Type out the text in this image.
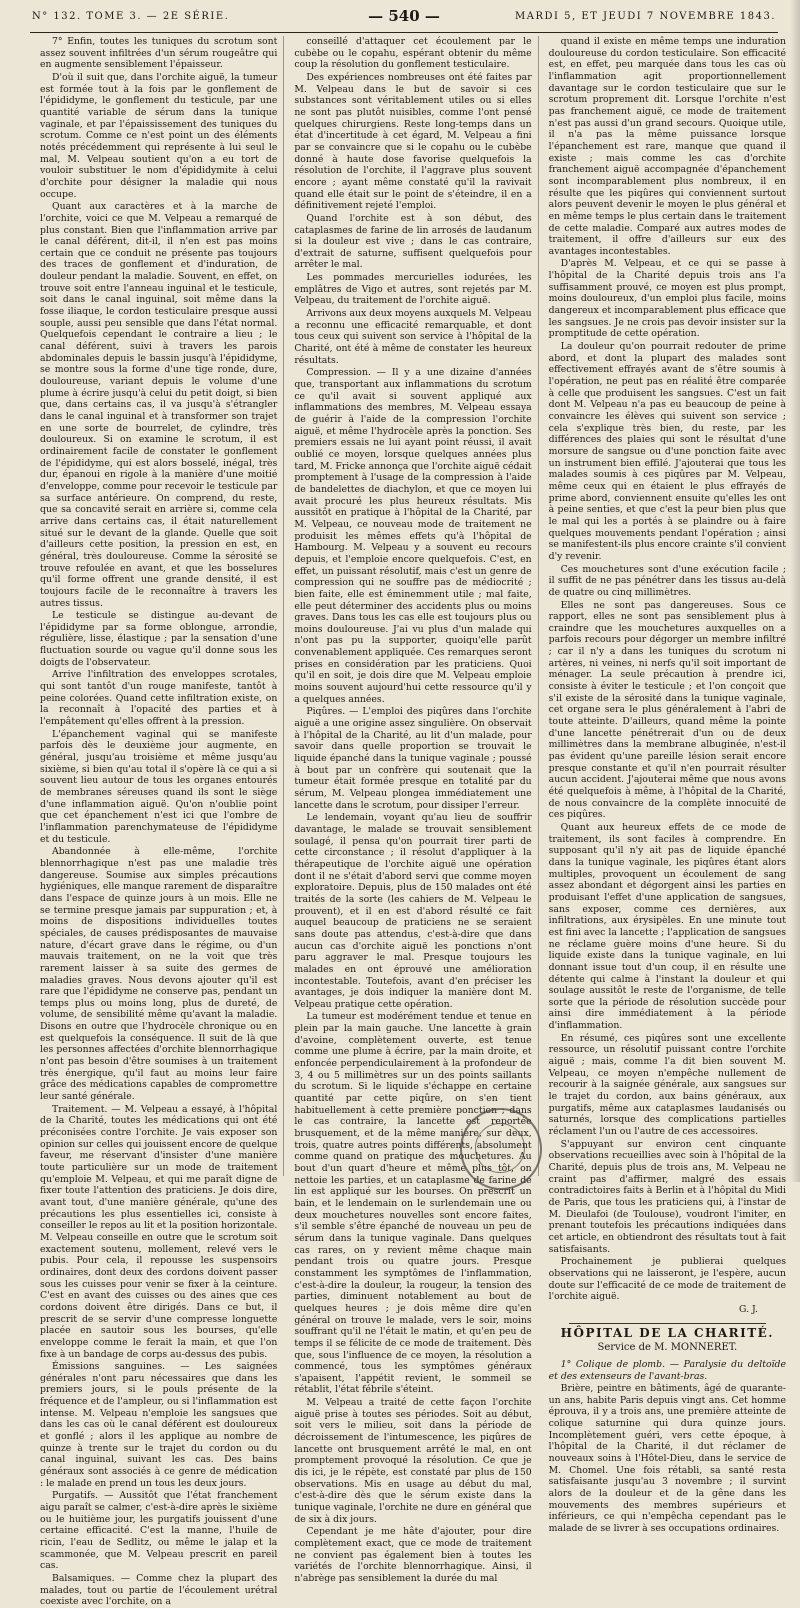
N° 132. TOME 3. — 2E SÉRIE.	— 540 —	MARDI 5, ET JEUDI 7 NOVEMBRE 1843.

7° Enfin, toutes les tuniques du scrotum sont assez souvent infiltrées d'un sérum rougeâtre qui en augmente sensiblement l'épaisseur.

D'où il suit que, dans l'orchite aiguë, la tumeur est formée tout à la fois par le gonflement de l'épididyme, le gonflement du testicule, par une quantité variable de sérum dans la tunique vaginale, et par l'épaississement des tuniques du scrotum. Comme ce n'est point un des éléments notés précédemment qui représente à lui seul le mal, M. Velpeau soutient qu'on a eu tort de vouloir substituer le nom d'épididymite à celui d'orchite pour désigner la maladie qui nous occupe.

Quant aux caractères et à la marche de l'orchite, voici ce que M. Velpeau a remarqué de plus constant. Bien que l'inflammation arrive par le canal déférent, dit-il, il n'en est pas moins certain que ce conduit ne présente pas toujours des traces de gonflement et d'induration, de douleur pendant la maladie. Souvent, en effet, on trouve soit entre l'anneau inguinal et le testicule, soit dans le canal inguinal, soit même dans la fosse iliaque, le cordon testiculaire presque aussi souple, aussi peu sensible que dans l'état normal. Quelquefois cependant le contraire a lieu ; le canal déférent, suivi à travers les parois abdominales depuis le bassin jusqu'à l'épididyme, se montre sous la forme d'une tige ronde, dure, douloureuse, variant depuis le volume d'une plume à écrire jusqu'à celui du petit doigt, si bien que, dans certains cas, il va jusqu'à s'étrangler dans le canal inguinal et à transformer son trajet en une sorte de bourrelet, de cylindre, très douloureux. Si on examine le scrotum, il est ordinairement facile de constater le gonflement de l'épididyme, qui est alors bosselé, inégal, très dur, épanoui en rigole à la manière d'une moitié d'enveloppe, comme pour recevoir le testicule par sa surface antérieure. On comprend, du reste, que sa concavité serait en arrière si, comme cela arrive dans certains cas, il était naturellement situé sur le devant de la glande. Quelle que soit d'ailleurs cette position, la pression en est, en général, très douloureuse. Comme la sérosité se trouve refoulée en avant, et que les bosselures qu'il forme offrent une grande densité, il est toujours facile de le reconnaître à travers les autres tissus.

Le testicule se distingue au-devant de l'épididyme par sa forme oblongue, arrondie, régulière, lisse, élastique ; par la sensation d'une fluctuation sourde ou vague qu'il donne sous les doigts de l'observateur.

Arrive l'infiltration des enveloppes scrotales, qui sont tantôt d'un rouge manifeste, tantôt à peine colorées. Quand cette infiltration existe, on la reconnaît à l'opacité des parties et à l'empâtement qu'elles offrent à la pression.

L'épanchement vaginal qui se manifeste parfois dès le deuxième jour augmente, en général, jusqu'au troisième et même jusqu'au sixième, si bien qu'au total il s'opère là ce qui a si souvent lieu autour de tous les organes entourés de membranes séreuses quand ils sont le siège d'une inflammation aiguë. Qu'on n'oublie point que cet épanchement n'est ici que l'ombre de l'inflammation parenchymateuse de l'épididyme et du testicule.

Abandonnée à elle-même, l'orchite blennorrhagique n'est pas une maladie très dangereuse. Soumise aux simples précautions hygiéniques, elle manque rarement de disparaître dans l'espace de quinze jours à un mois. Elle ne se termine presque jamais par suppuration ; et, à moins de dispositions individuelles toutes spéciales, de causes prédisposantes de mauvaise nature, d'écart grave dans le régime, ou d'un mauvais traitement, on ne la voit que très rarement laisser à sa suite des germes de maladies graves. Nous devons ajouter qu'il est rare que l'épididyme ne conserve pas, pendant un temps plus ou moins long, plus de dureté, de volume, de sensibilité même qu'avant la maladie. Disons en outre que l'hydrocèle chronique ou en est quelquefois la conséquence. Il suit de là que les personnes affectées d'orchite blennorrhagique n'ont pas besoin d'être soumises à un traitement très énergique, qu'il faut au moins leur faire grâce des médications capables de compromettre leur santé générale.

Traitement. — M. Velpeau a essayé, à l'hôpital de la Charité, toutes les médications qui ont été préconisées contre l'orchite. Je vais exposer son opinion sur celles qui jouissent encore de quelque faveur, me réservant d'insister d'une manière toute particulière sur un mode de traitement qu'emploie M. Velpeau, et qui me paraît digne de fixer toute l'attention des praticiens. Je dois dire, avant tout, d'une manière générale, qu'une des précautions les plus essentielles ici, consiste à conseiller le repos au lit et la position horizontale. M. Velpeau conseille en outre que le scrotum soit exactement soutenu, mollement, relevé vers le pubis. Pour cela, il repousse les suspensoirs ordinaires, dont deux des cordons doivent passer sous les cuisses pour venir se fixer à la ceinture. C'est en avant des cuisses ou des aines que ces cordons doivent être dirigés. Dans ce but, il prescrit de se servir d'une compresse longuette placée en sautoir sous les bourses, qu'elle enveloppe comme le ferait la main, et que l'on fixe à un bandage de corps au-dessus des pubis.

Émissions sanguines. — Les saignées générales n'ont paru nécessaires que dans les premiers jours, si le pouls présente de la fréquence et de l'ampleur, ou si l'inflammation est intense. M. Velpeau n'emploie les sangsues que dans les cas où le canal déférent est douloureux et gonflé ; alors il les applique au nombre de quinze à trente sur le trajet du cordon ou du canal inguinal, suivant les cas. Des bains généraux sont associés à ce genre de médication : le malade en prend un tous les deux jours.

Purgatifs. — Aussitôt que l'état franchement aigu paraît se calmer, c'est-à-dire après le sixième ou le huitième jour, les purgatifs jouissent d'une certaine efficacité. C'est la manne, l'huile de ricin, l'eau de Sedlitz, ou même le jalap et la scammonée, que M. Velpeau prescrit en pareil cas.

Balsamiques. — Comme chez la plupart des malades, tout ou partie de l'écoulement urétral coexiste avec l'orchite, on a

conseillé d'attaquer cet écoulement par le cubèbe ou le copahu, espérant obtenir du même coup la résolution du gonflement testiculaire.

Des expériences nombreuses ont été faites par M. Velpeau dans le but de savoir si ces substances sont véritablement utiles ou si elles ne sont pas plutôt nuisibles, comme l'ont pensé quelques chirurgiens. Reste long-temps dans un état d'incertitude à cet égard, M. Velpeau a fini par se convaincre que si le copahu ou le cubèbe donné à haute dose favorise quelquefois la résolution de l'orchite, il l'aggrave plus souvent encore ; ayant même constaté qu'il la ravivait quand elle était sur le point de s'éteindre, il en a définitivement rejeté l'emploi.

Quand l'orchite est à son début, des cataplasmes de farine de lin arrosés de laudanum si la douleur est vive ; dans le cas contraire, d'extrait de saturne, suffisent quelquefois pour arrêter le mal.

Les pommades mercurielles iodurées, les emplâtres de Vigo et autres, sont rejetés par M. Velpeau, du traitement de l'orchite aiguë.

Arrivons aux deux moyens auxquels M. Velpeau a reconnu une efficacité remarquable, et dont tous ceux qui suivent son service à l'hôpital de la Charité, ont été à même de constater les heureux résultats.

Compression. — Il y a une dizaine d'années que, transportant aux inflammations du scrotum ce qu'il avait si souvent appliqué aux inflammations des membres, M. Velpeau essaya de guérir à l'aide de la compression l'orchite aiguë, et même l'hydrocèle après la ponction. Ses premiers essais ne lui ayant point réussi, il avait oublié ce moyen, lorsque quelques années plus tard, M. Fricke annonça que l'orchite aiguë cédait promptement à l'usage de la compression à l'aide de bandelettes de diachylon, et que ce moyen lui avait procuré les plus heureux résultats. Mis aussitôt en pratique à l'hôpital de la Charité, par M. Velpeau, ce nouveau mode de traitement ne produisit les mêmes effets qu'à l'hôpital de Hambourg. M. Velpeau y a souvent eu recours depuis, et l'emploie encore quelquefois. C'est, en effet, un puissant résolutif, mais c'est un genre de compression qui ne souffre pas de médiocrité ; bien faite, elle est éminemment utile ; mal faite, elle peut déterminer des accidents plus ou moins graves. Dans tous les cas elle est toujours plus ou moins douloureuse. J'ai vu plus d'un malade qui n'ont pas pu la supporter, quoiqu'elle parût convenablement appliquée. Ces remarques seront prises en considération par les praticiens. Quoi qu'il en soit, je dois dire que M. Velpeau emploie moins souvent aujourd'hui cette ressource qu'il y a quelques années.

Piqûres. — L'emploi des piqûres dans l'orchite aiguë a une origine assez singulière. On observait à l'hôpital de la Charité, au lit d'un malade, pour savoir dans quelle proportion se trouvait le liquide épanché dans la tunique vaginale ; poussé à bout par un confrère qui soutenait que la tumeur était formée presque en totalité par du sérum, M. Velpeau plongea immédiatement une lancette dans le scrotum, pour dissiper l'erreur.

Le lendemain, voyant qu'au lieu de souffrir davantage, le malade se trouvait sensiblement soulagé, il pensa qu'on pourrait tirer parti de cette circonstance ; il résolut d'appliquer à la thérapeutique de l'orchite aiguë une opération dont il ne s'était d'abord servi que comme moyen exploratoire. Depuis, plus de 150 malades ont été traités de la sorte (les cahiers de M. Velpeau le prouvent), et il en est d'abord résulté ce fait auquel beaucoup de praticiens ne se seraient sans doute pas attendus, c'est-à-dire que dans aucun cas d'orchite aiguë les ponctions n'ont paru aggraver le mal. Presque toujours les malades en ont éprouvé une amélioration incontestable. Toutefois, avant d'en préciser les avantages, je dois indiquer la manière dont M. Velpeau pratique cette opération.

La tumeur est modérément tendue et tenue en plein par la main gauche. Une lancette à grain d'avoine, complètement ouverte, est tenue comme une plume à écrire, par la main droite, et enfoncée perpendiculairement à la profondeur de 3, 4 ou 5 millimètres sur un des points saillants du scrotum. Si le liquide s'échappe en certaine quantité par cette piqûre, on s'en tient habituellement à cette première ponction ; dans le cas contraire, la lancette est reportée brusquement, et de la même manière, sur deux, trois, quatre autres points différents, absolument comme quand on pratique des mouchetures. Au bout d'un quart d'heure et même plus tôt, on nettoie les parties, et un cataplasme de farine de lin est appliqué sur les bourses. On prescrit un bain, et le lendemain on le surlendemain une ou deux mouchetures nouvelles sont encore faites, s'il semble s'être épanché de nouveau un peu de sérum dans la tunique vaginale. Dans quelques cas rares, on y revient même chaque main pendant trois ou quatre jours. Presque constamment les symptômes de l'inflammation, c'est-à-dire la douleur, la rougeur, la tension des parties, diminuent notablement au bout de quelques heures ; je dois même dire qu'en général on trouve le malade, vers le soir, moins souffrant qu'il ne l'était le matin, et qu'en peu de temps il se félicite de ce mode de traitement. Dès que, sous l'influence de ce moyen, la résolution a commencé, tous les symptômes généraux s'apaisent, l'appétit revient, le sommeil se rétablit, l'état fébrile s'éteint.

M. Velpeau a traité de cette façon l'orchite aiguë prise à toutes ses périodes. Soit au début, soit vers le milieu, soit dans la période de décroissement de l'intumescence, les piqûres de lancette ont brusquement arrêté le mal, en ont promptement provoqué la résolution. Ce que je dis ici, je le répète, est constaté par plus de 150 observations. Mis en usage au début du mal, c'est-à-dire dès que le sérum existe dans la tunique vaginale, l'orchite ne dure en général que de six à dix jours.

Cependant je me hâte d'ajouter, pour dire complètement exact, que ce mode de traitement ne convient pas également bien à toutes les variétés de l'orchite blennorrhagique. Ainsi, il n'abrège pas sensiblement la durée du mal

quand il existe en même temps une induration douloureuse du cordon testiculaire. Son efficacité est, en effet, peu marquée dans tous les cas où l'inflammation agit proportionnellement davantage sur le cordon testiculaire que sur le scrotum proprement dit. Lorsque l'orchite n'est pas franchement aiguë, ce mode de traitement n'est pas aussi d'un grand secours. Quoique utile, il n'a pas la même puissance lorsque l'épanchement est rare, manque que quand il existe ; mais comme les cas d'orchite franchement aiguë accompagnée d'épanchement sont incomparablement plus nombreux, il en résulte que les piqûres qui conviennent surtout alors peuvent devenir le moyen le plus général et en même temps le plus certain dans le traitement de cette maladie. Comparé aux autres modes de traitement, il offre d'ailleurs sur eux des avantages incontestables.

D'après M. Velpeau, et ce qui se passe à l'hôpital de la Charité depuis trois ans l'a suffisamment prouvé, ce moyen est plus prompt, moins douloureux, d'un emploi plus facile, moins dangereux et incomparablement plus efficace que les sangsues. Je ne crois pas devoir insister sur la promptitude de cette opération.

La douleur qu'on pourrait redouter de prime abord, et dont la plupart des malades sont effectivement effrayés avant de s'être soumis à l'opération, ne peut pas en réalité être comparée à celle que produisent les sangsues. C'est un fait dont M. Velpeau n'a pas eu beaucoup de peine à convaincre les élèves qui suivent son service ; cela s'explique très bien, du reste, par les différences des plaies qui sont le résultat d'une morsure de sangsue ou d'une ponction faite avec un instrument bien effilé. J'ajouterai que tous les malades soumis à ces piqûres par M. Velpeau, même ceux qui en étaient le plus effrayés de prime abord, conviennent ensuite qu'elles les ont à peine senties, et que c'est la peur bien plus que le mal qui les a portés à se plaindre ou à faire quelques mouvements pendant l'opération ; ainsi se manifestent-ils plus encore crainte s'il convient d'y revenir.

Ces mouchetures sont d'une exécution facile ; il suffit de ne pas pénétrer dans les tissus au-delà de quatre ou cinq millimètres.

Elles ne sont pas dangereuses. Sous ce rapport, elles ne sont pas sensiblement plus à craindre que les mouchetures auxquelles on a parfois recours pour dégorger un membre infiltré ; car il n'y a dans les tuniques du scrotum ni artères, ni veines, ni nerfs qu'il soit important de ménager. La seule précaution à prendre ici, consiste à éviter le testicule ; et l'on conçoit que s'il existe de la sérosité dans la tunique vaginale, cet organe sera le plus généralement à l'abri de toute atteinte. D'ailleurs, quand même la pointe d'une lancette pénétrerait d'un ou de deux millimètres dans la membrane albuginée, n'est-il pas évident qu'une pareille lésion serait encore presque constante et qu'il n'en pourrait résulter aucun accident. J'ajouterai même que nous avons été quelquefois à même, à l'hôpital de la Charité, de nous convaincre de la complète innocuité de ces piqûres.

Quant aux heureux effets de ce mode de traitement, ils sont faciles à comprendre. En supposant qu'il n'y ait pas de liquide épanché dans la tunique vaginale, les piqûres étant alors multiples, provoquent un écoulement de sang assez abondant et dégorgent ainsi les parties en produisant l'effet d'une application de sangsues, sans exposer, comme ces dernières, aux infiltrations, aux érysipèles. En une minute tout est fini avec la lancette ; l'application de sangsues ne réclame guère moins d'une heure. Si du liquide existe dans la tunique vaginale, en lui donnant issue tout d'un coup, il en résulte une détente qui calme à l'instant la douleur et qui soulage aussitôt le reste de l'organisme, de telle sorte que la période de résolution succède pour ainsi dire immédiatement à la période d'inflammation.

En résumé, ces piqûres sont une excellente ressource, un résolutif puissant contre l'orchite aiguë ; mais, comme l'a dit bien souvent M. Velpeau, ce moyen n'empêche nullement de recourir à la saignée générale, aux sangsues sur le trajet du cordon, aux bains généraux, aux purgatifs, même aux cataplasmes laudanisés ou saturnés, lorsque des complications partielles réclament l'un ou l'autre de ces accessoires.

S'appuyant sur environ cent cinquante observations recueillies avec soin à l'hôpital de la Charité, depuis plus de trois ans, M. Velpeau ne craint pas d'affirmer, malgré des essais contradictoires faits à Berlin et à l'hôpital du Midi de Paris, que tous les praticiens qui, à l'instar de M. Dieulafoi (de Toulouse), voudront l'imiter, en prenant toutefois les précautions indiquées dans cet article, en obtiendront des résultats tout à fait satisfaisants.

Prochainement je publierai quelques observations qui ne laisseront, je l'espère, aucun doute sur l'efficacité de ce mode de traitement de l'orchite aiguë.

G. J.

HÔPITAL DE LA CHARITÉ.
Service de M. MONNERET.

1° Colique de plomb. — Paralysie du deltoïde et des extenseurs de l'avant-bras.

Brière, peintre en bâtiments, âgé de quarante-un ans, habite Paris depuis vingt ans. Cet homme éprouva, il y a trois ans, une première atteinte de colique saturnine qui dura quinze jours. Incomplètement guéri, vers cette époque, à l'hôpital de la Charité, il dut réclamer de nouveaux soins à l'Hôtel-Dieu, dans le service de M. Chomel. Une fois rétabli, sa santé resta satisfaisante jusqu'au 3 novembre ; il survint alors de la douleur et de la gêne dans les mouvements des membres supérieurs et inférieurs, ce qui n'empêcha cependant pas le malade de se livrer à ses occupations ordinaires.
